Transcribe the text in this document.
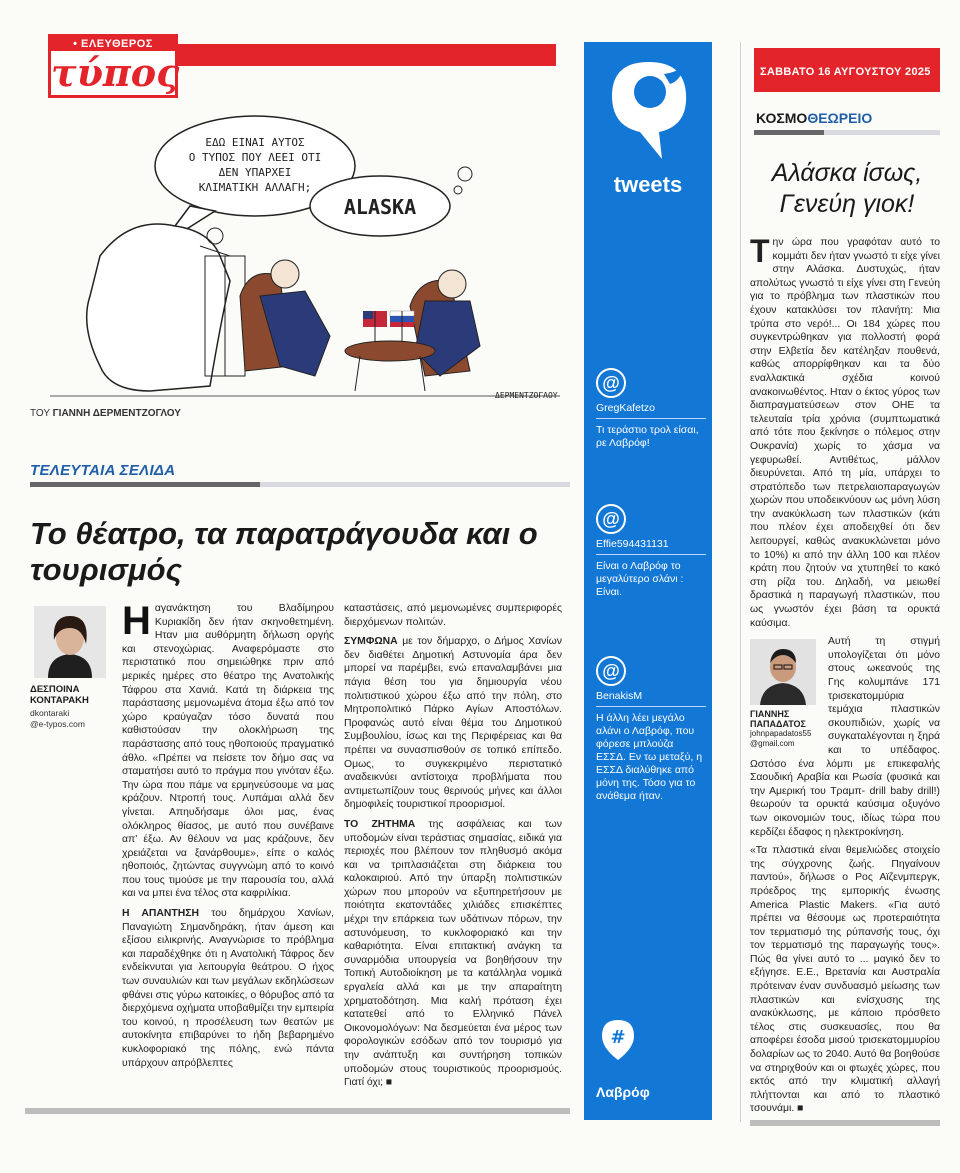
• ΕΛΕΥΘΕΡΟΣ
τύπος
ΕΔΩ ΕΙΝΑΙ ΑΥΤΟΣ
Ο ΤΥΠΟΣ ΠΟΥ ΛΕΕΙ ΟΤΙ
ΔΕΝ ΥΠΑΡΧΕΙ
ΚΛΙΜΑΤΙΚΗ ΑΛΛΑΓΗ;
ALASKA
ΔΕΡΜΕΝΤΖΟΓΛΟΥ
ΤΟΥ ΓΙΑΝΝΗ ΔΕΡΜΕΝΤΖΟΓΛΟΥ
ΤΕΛΕΥΤΑΙΑ ΣΕΛΙΔΑ
Το θέατρο, τα παρατράγουδα και ο τουρισμός
ΔΕΣΠΟΙΝΑ ΚΟΝΤΑΡΑΚΗ
dkontaraki
@e-typos.com

Ηαγανάκτηση του Βλαδίμηρου Κυριακίδη δεν ήταν σκηνοθετημένη. Ηταν μια αυθόρμητη δήλωση οργής και στενοχώριας. Αναφερόμαστε στο περιστατικό που σημειώθηκε πριν από μερικές ημέρες στο θέατρο της Ανατολικής Τάφρου στα Χανιά. Κατά τη διάρκεια της παράστασης μεμονωμένα άτομα έξω από τον χώρο κραύγαζαν τόσο δυνατά που καθιστούσαν την ολοκλήρωση της παράστασης από τους ηθοποιούς πραγματικό άθλο. «Πρέπει να πείσετε τον δήμο σας να σταματήσει αυτό το πράγμα που γινόταν έξω. Την ώρα που πάμε να ερμηνεύσουμε να μας κράζουν. Ντροπή τους. Λυπάμαι αλλά δεν γίνεται. Απηυδήσαμε όλοι μας, ένας ολόκληρος θίασος, με αυτό που συνέβαινε απ’ έξω. Αν θέλουν να μας κράζουνε, δεν χρειάζεται να ξανάρθουμε», είπε ο καλός ηθοποιός, ζητώντας συγγνώμη από το κοινό που τους τιμούσε με την παρουσία του, αλλά και να μπει ένα τέλος στα καφριλίκια.

Η ΑΠΑΝΤΗΣΗ του δημάρχου Χανίων, Παναγιώτη Σημανδηράκη, ήταν άμεση και εξίσου ειλικρινής. Αναγνώρισε το πρόβλημα και παραδέχθηκε ότι η Ανατολική Τάφρος δεν ενδείκνυται για λειτουργία θεάτρου. Ο ήχος των συναυλιών και των μεγάλων εκδηλώσεων φθάνει στις γύρω κατοικίες, ο θόρυβος από τα διερχόμενα οχήματα υποβαθμίζει την εμπειρία του κοινού, η προσέλευση των θεατών με αυτοκίνητα επιβαρύνει το ήδη βεβαρημένο κυκλοφοριακό της πόλης, ενώ πάντα υπάρχουν απρόβλεπτες

καταστάσεις, από μεμονωμένες συμπεριφορές διερχόμενων πολιτών.

ΣΥΜΦΩΝΑ με τον δήμαρχο, ο Δήμος Χανίων δεν διαθέτει Δημοτική Αστυνομία άρα δεν μπορεί να παρέμβει, ενώ επαναλαμβάνει μια πάγια θέση του για δημιουργία νέου πολιτιστικού χώρου έξω από την πόλη, στο Μητροπολιτικό Πάρκο Αγίων Αποστόλων. Προφανώς αυτό είναι θέμα του Δημοτικού Συμβουλίου, ίσως και της Περιφέρειας και θα πρέπει να συνασπισθούν σε τοπικό επίπεδο. Ομως, το συγκεκριμένο περιστατικό αναδεικνύει αντίστοιχα προβλήματα που αντιμετωπίζουν τους θερινούς μήνες και άλλοι δημοφιλείς τουριστικοί προορισμοί.

ΤΟ ΖΗΤΗΜΑ της ασφάλειας και των υποδομών είναι τεράστιας σημασίας, ειδικά για περιοχές που βλέπουν τον πληθυσμό ακόμα και να τριπλασιάζεται στη διάρκεια του καλοκαιριού. Από την ύπαρξη πολιτιστικών χώρων που μπορούν να εξυπηρετήσουν με ποιότητα εκατοντάδες χιλιάδες επισκέπτες μέχρι την επάρκεια των υδάτινων πόρων, την αστυνόμευση, το κυκλοφοριακό και την καθαριότητα. Είναι επιτακτική ανάγκη τα συναρμόδια υπουργεία να βοηθήσουν την Τοπική Αυτοδιοίκηση με τα κατάλληλα νομικά εργαλεία αλλά και με την απαραίτητη χρηματοδότηση. Μια καλή πρόταση έχει κατατεθεί από το Ελληνικό Πάνελ Οικονομολόγων: Να δεσμεύεται ένα μέρος των φορολογικών εσόδων από τον τουρισμό για την ανάπτυξη και συντήρηση τοπικών υποδομών στους τουριστικούς προορισμούς. Γιατί όχι; ■

tweets
@
GregKafetzo
Τι τεράστιο τρολ είσαι, ρε Λαβρόφ!
@
Effie594431131
Είναι ο Λαβρόφ το μεγαλύτερο σλάνι : Είναι.
@
BenakisM
Η άλλη λέει μεγάλο αλάνι ο Λαβρόφ, που φόρεσε μπλούζα ΕΣΣΔ. Εν τω μεταξύ, η ΕΣΣΔ διαλύθηκε από μόνη της. Τόσο για το ανάθεμα ήταν.
#
Λαβρόφ
ΣΑΒΒΑΤΟ 16 ΑΥΓΟΥΣΤΟΥ 2025
ΚΟΣΜΟΘΕΩΡΕΙΟ
Αλάσκα ίσως, Γενεύη γιοκ!

Την ώρα που γραφόταν αυτό το κομμάτι δεν ήταν γνωστό τι είχε γίνει στην Αλάσκα. Δυστυχώς, ήταν απολύτως γνωστό τι είχε γίνει στη Γενεύη για το πρόβλημα των πλαστικών που έχουν κατακλύσει τον πλανήτη: Μια τρύπα στο νερό!... Οι 184 χώρες που συγκεντρώθηκαν για πολλοστή φορά στην Ελβετία δεν κατέληξαν πουθενά, καθώς απορρίφθηκαν και τα δύο εναλλακτικά σχέδια κοινού ανακοινωθέντος. Ηταν ο έκτος γύρος των διαπραγματεύσεων στον ΟΗΕ τα τελευταία τρία χρόνια (συμπτωματικά από τότε που ξεκίνησε ο πόλεμος στην Ουκρανία) χωρίς το χάσμα να γεφυρωθεί. Αντιθέτως, μάλλον διευρύνεται. Από τη μία, υπάρχει το στρατόπεδο των πετρελαιοπαραγωγών χωρών που υποδεικνύουν ως μόνη λύση την ανακύκλωση των πλαστικών (κάτι που πλέον έχει αποδειχθεί ότι δεν λειτουργεί, καθώς ανακυκλώνεται μόνο το 10%) κι από την άλλη 100 και πλέον κράτη που ζητούν να χτυπηθεί το κακό στη ρίζα του. Δηλαδή, να μειωθεί δραστικά η παραγωγή πλαστικών, που ως γνωστόν έχει βάση τα ορυκτά καύσιμα.

ΓΙΑΝΝΗΣ ΠΑΠΑΔΑΤΟΣ
johnpapadatos55
@gmail.com

Αυτή τη στιγμή υπολογίζεται ότι μόνο στους ωκεανούς της Γης κολυμπάνε 171 τρισεκατομμύρια τεμάχια πλαστικών σκουπιδιών, χωρίς να συγκαταλέγονται η ξηρά και το υπέδαφος. Ωστόσο ένα λόμπι με επικεφαλής Σαουδική Αραβία και Ρωσία (φυσικά και την Αμερική του Τραμπ- drill baby drill!) θεωρούν τα ορυκτά καύσιμα οξυγόνο των οικονομιών τους, ιδίως τώρα που κερδίζει έδαφος η ηλεκτροκίνηση.

«Τα πλαστικά είναι θεμελιώδες στοιχείο της σύγχρονης ζωής. Πηγαίνουν παντού», δήλωσε ο Ρος Αϊζενμπεργκ, πρόεδρος της εμπορικής ένωσης America Plastic Makers. «Για αυτό πρέπει να θέσουμε ως προτεραιότητα τον τερματισμό της ρύπανσής τους, όχι τον τερματισμό της παραγωγής τους». Πώς θα γίνει αυτό το ... μαγικό δεν το εξήγησε. Ε.Ε., Βρετανία και Αυστραλία πρότειναν έναν συνδυασμό μείωσης των πλαστικών και ενίσχυσης της ανακύκλωσης, με κάποιο πρόσθετο τέλος στις συσκευασίες, που θα αποφέρει έσοδα μισού τρισεκατομμυρίου δολαρίων ως το 2040. Αυτό θα βοηθούσε να στηριχθούν και οι φτωχές χώρες, που εκτός από την κλιματική αλλαγή πλήττονται και από το πλαστικό τσουνάμι. ■
